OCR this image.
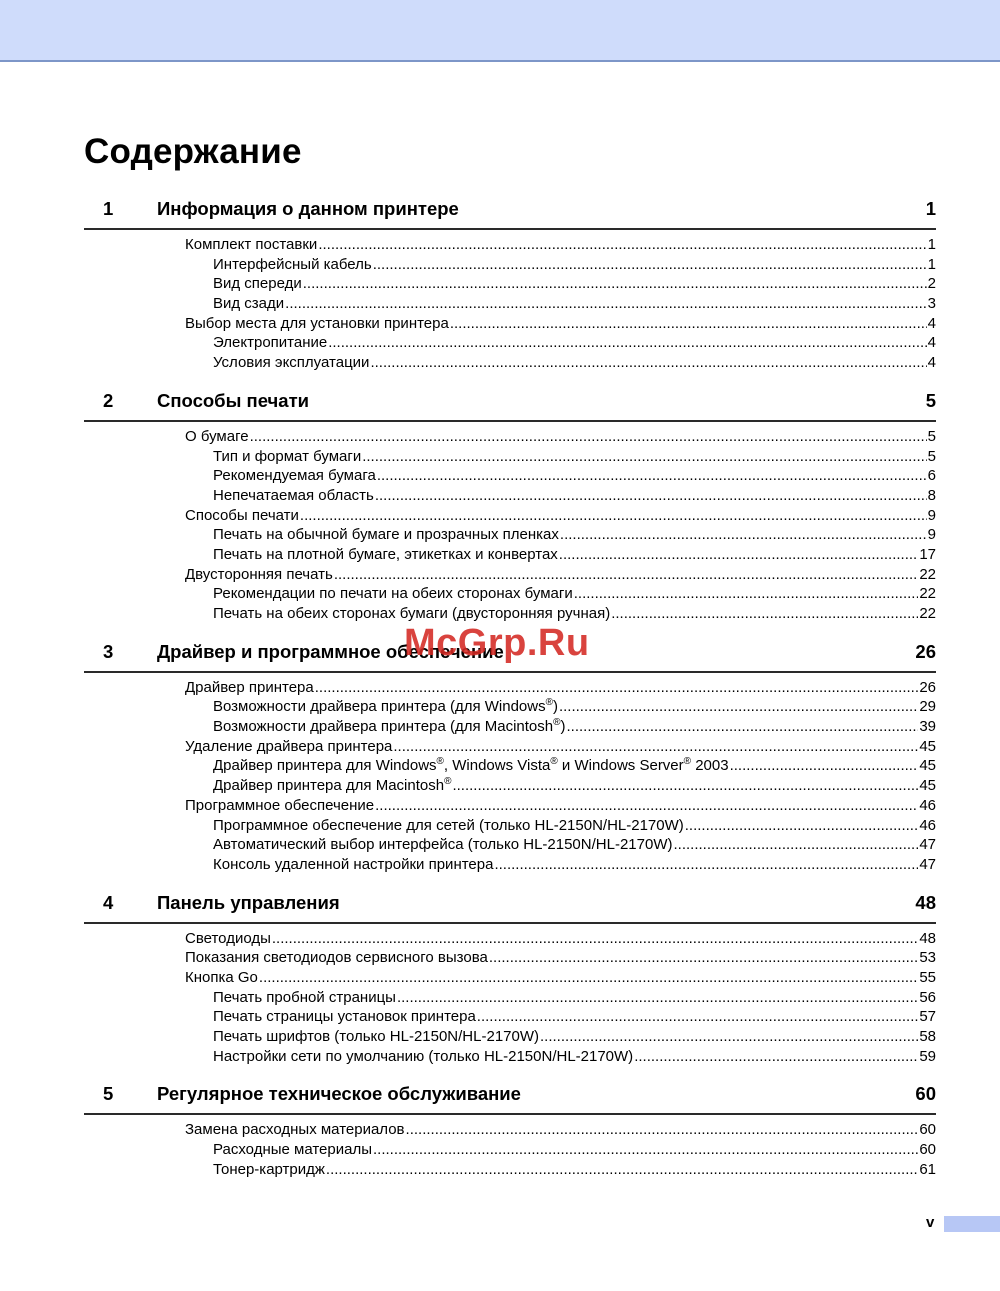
Содержание
1	Информация о данном принтере	1
Комплект поставки .....	1
Интерфейсный кабель .....	1
Вид спереди .....	2
Вид сзади .....	3
Выбор места для установки принтера .....	4
Электропитание .....	4
Условия эксплуатации .....	4
2	Способы печати	5
О бумаге .....	5
Тип и формат бумаги .....	5
Рекомендуемая бумага .....	6
Непечатаемая область .....	8
Способы печати .....	9
Печать на обычной бумаге и прозрачных пленках .....	9
Печать на плотной бумаге, этикетках и конвертах .....	17
Двусторонняя печать .....	22
Рекомендации по печати на обеих сторонах бумаги .....	22
Печать на обеих сторонах бумаги (двусторонняя ручная) .....	22
3	Драйвер и программное обеспечение	26
Драйвер принтера .....	26
Возможности драйвера принтера (для Windows®) .....	29
Возможности драйвера принтера (для Macintosh®) .....	39
Удаление драйвера принтера .....	45
Драйвер принтера для Windows®, Windows Vista® и Windows Server® 2003 .....	45
Драйвер принтера для Macintosh® .....	45
Программное обеспечение .....	46
Программное обеспечение для сетей (только HL-2150N/HL-2170W) .....	46
Автоматический выбор интерфейса (только HL-2150N/HL-2170W) .....	47
Консоль удаленной настройки принтера .....	47
4	Панель управления	48
Светодиоды .....	48
Показания светодиодов сервисного вызова .....	53
Кнопка Go .....	55
Печать пробной страницы .....	56
Печать страницы установок принтера .....	57
Печать шрифтов (только HL-2150N/HL-2170W) .....	58
Настройки сети по умолчанию (только HL-2150N/HL-2170W) .....	59
5	Регулярное техническое обслуживание	60
Замена расходных материалов .....	60
Расходные материалы .....	60
Тонер-картридж .....	61
McGrp.Ru
v
